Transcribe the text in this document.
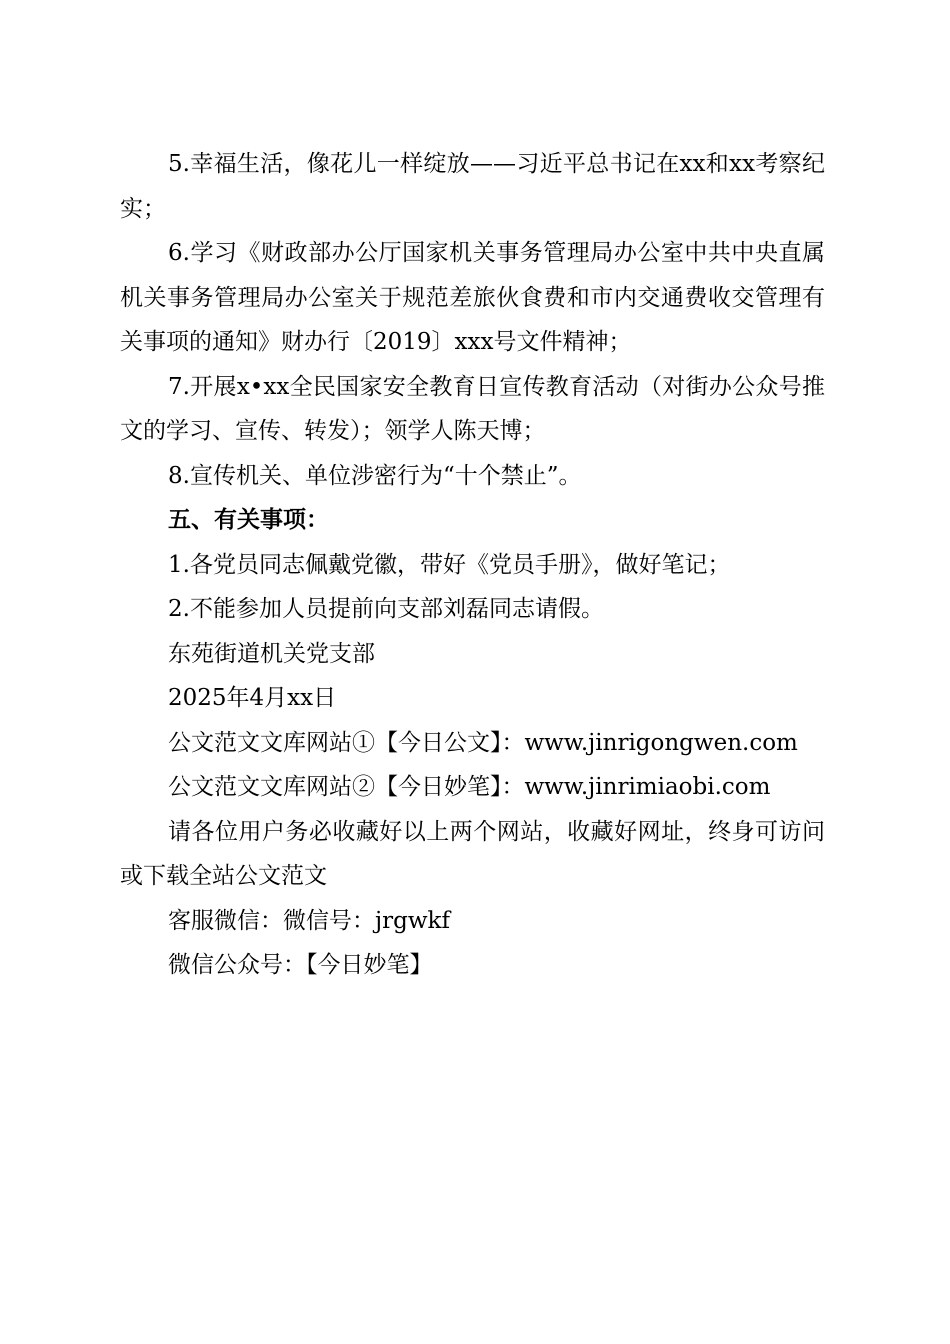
5.幸福生活，像花儿一样绽放——习近平总书记在xx和xx考察纪实；

6.学习《财政部办公厅国家机关事务管理局办公室中共中央直属机关事务管理局办公室关于规范差旅伙食费和市内交通费收交管理有关事项的通知》财办行〔2019〕xxx号文件精神；

7.开展x•xx全民国家安全教育日宣传教育活动（对街办公众号推文的学习、宣传、转发）；领学人陈天博；

8.宣传机关、单位涉密行为“十个禁止”。

五、有关事项：

1.各党员同志佩戴党徽，带好《党员手册》，做好笔记；

2.不能参加人员提前向支部刘磊同志请假。

东苑街道机关党支部

2025年4月xx日

公文范文文库网站①【今日公文】：www.jinrigongwen.com

公文范文文库网站②【今日妙笔】：www.jinrimiaobi.com

请各位用户务必收藏好以上两个网站，收藏好网址，终身可访问或下载全站公文范文

客服微信：微信号：jrgwkf

微信公众号：【今日妙笔】
